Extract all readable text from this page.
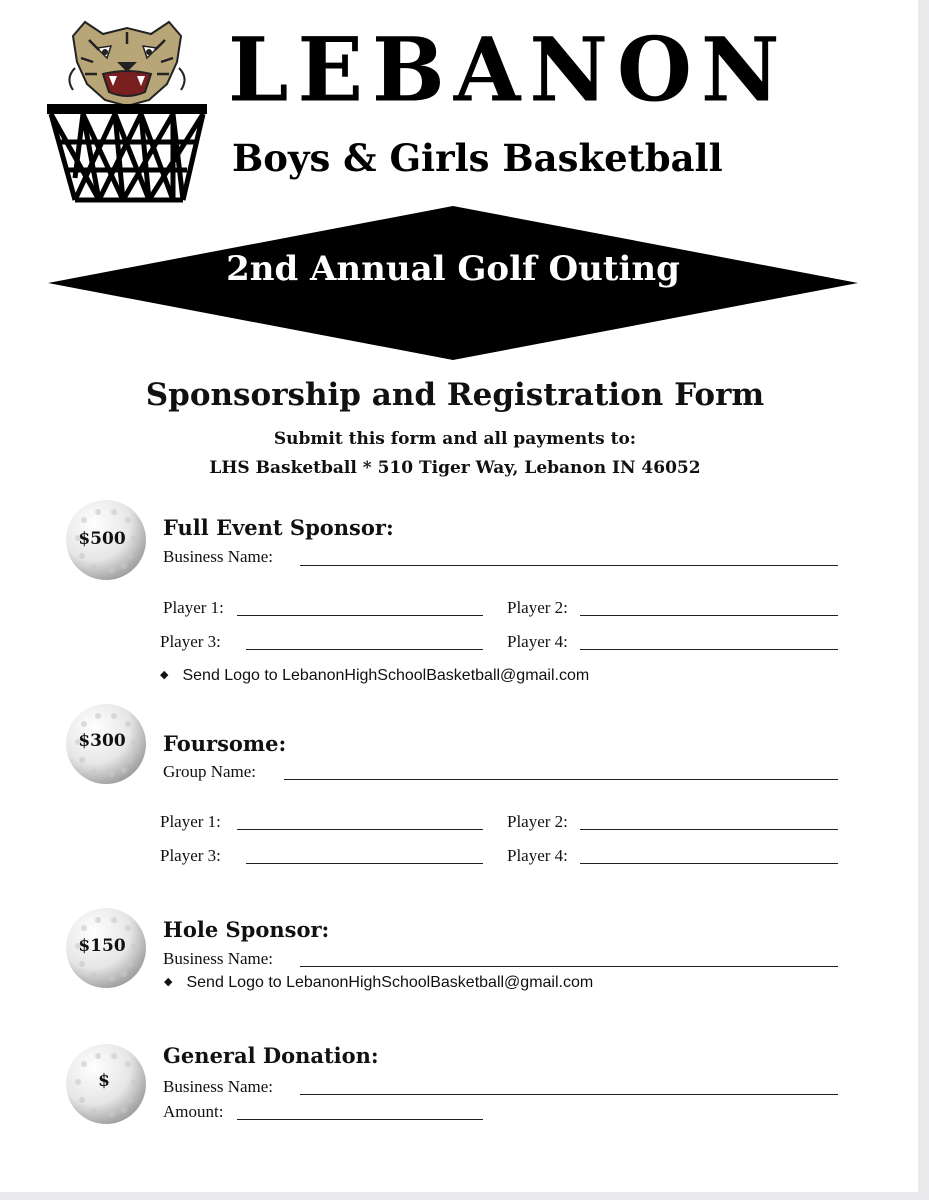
LEBANON
Boys & Girls Basketball
2nd Annual Golf Outing
Sponsorship and Registration Form
Submit this form and all payments to:
LHS Basketball * 510 Tiger Way, Lebanon IN 46052
$500	Full Event Sponsor:
Business Name:
Player 1:	Player 2:
Player 3:	Player 4:
◆ Send Logo to LebanonHighSchoolBasketball@gmail.com
$300	Foursome:
Group Name:
Player 1:	Player 2:
Player 3:	Player 4:
$150
Hole Sponsor:
Business Name:
◆ Send Logo to LebanonHighSchoolBasketball@gmail.com
$
General Donation:
Business Name:
Amount:
